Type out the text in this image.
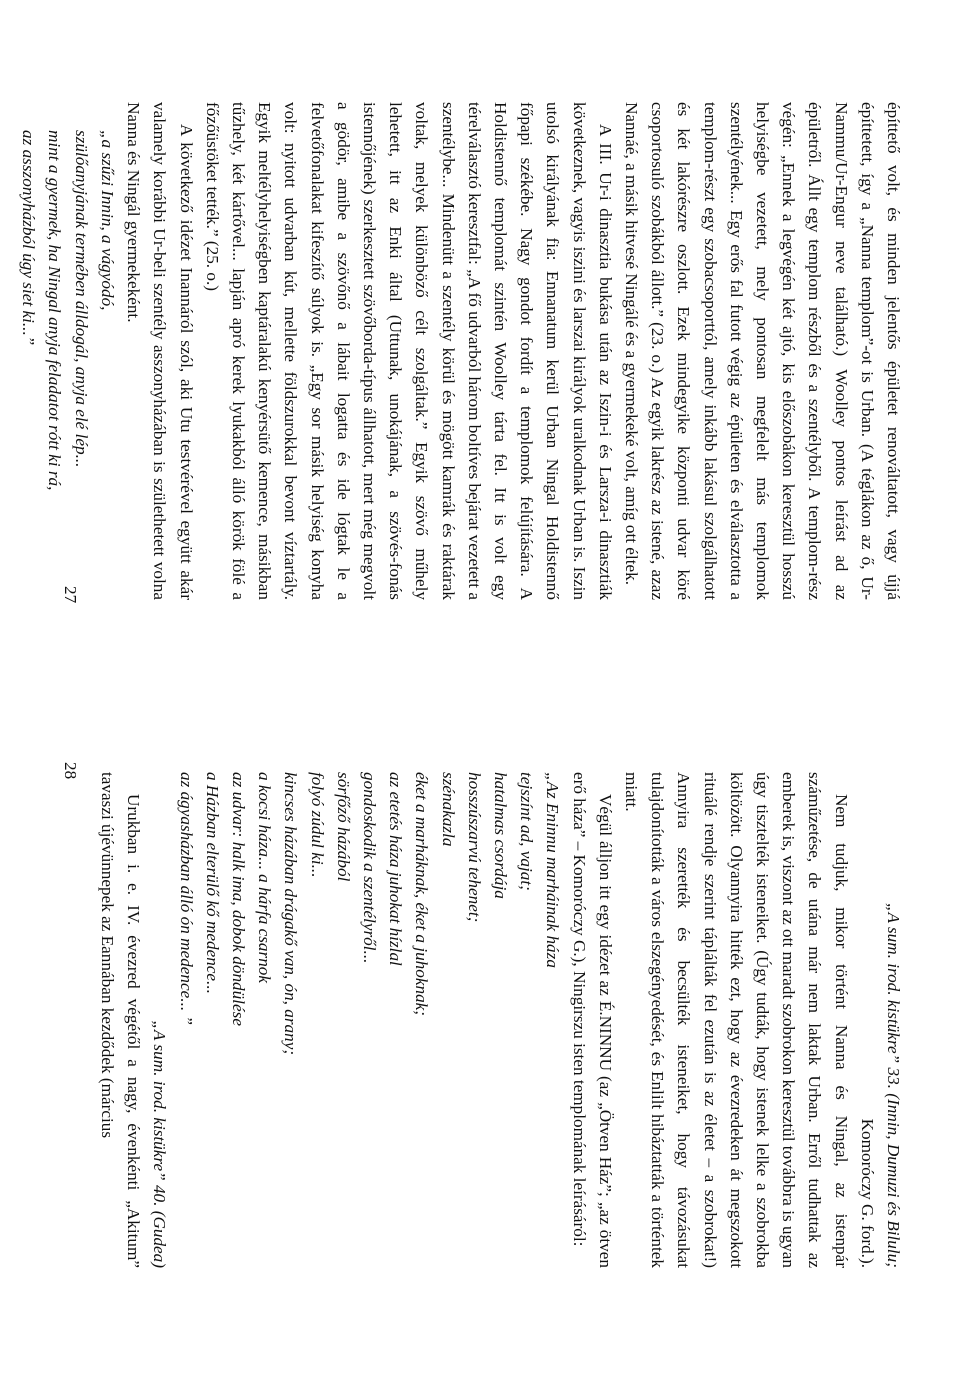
építtető volt, és minden jelentős épületet renováltatott, vagy újjá építtetett, így a „Nanna templom”-ot is Urban. (A téglákon az ő, Ur-Nammu/Ur-Engur neve található.) Woolley pontos leírást ad az épületről. Állt egy templom részből és a szentélyből. A templom-rész végén: „Ennek a legvégén két ajtó, kis előszobákon keresztül hosszú helyiségbe vezetett, mely pontosan megfelelt más templomok szentélyének... Egy erős fal futott végig az épületen és elválasztotta a templom-részt egy szobacsoporttól, amely inkább lakásul szolgálhatott és két lakórészre oszlott. Ezek mindegyike központi udvar köré csoportosuló szobákból állott.” (23. o.) Az egyik lakrész az istené, azaz Nannáé, a másik hitvesé Ningálé és a gyermekeké volt, amíg ott éltek.

A III. Ur-i dinasztia bukása után az Iszin-i és Larsza-i dinasztiák következnek, vagyis iszini és larszai királyok uralkodnak Urban is. Iszin utolsó királyának fia: Ennanatum kerül Urban Ningal Holdistennő főpapi székébe. Nagy gondot fordít a templomok felújítására. A Holdistennő templomát szintén Woolley tárta fel. Itt is volt egy térelválasztó keresztfal: „A fő udvarból három boltíves bejárat vezetett a szentélybe... Mindenütt a szentély körül és mögött kamrák és raktárak voltak, melyek különböző célt szolgáltak.” Egyik szövő műhely lehetett, itt az Enki által (Uttunak, unokájának, a szövés-fonás istennőjének) szerkesztett szövőborda-típus állhatott, mert még megvolt a gödör, amibe a szövőnő a lábait logatta és ide lógtak le a felvetőfonalakat kifeszítő súlyok is. „Egy sor másik helyiség konyha volt: nyitott udvarban kút, mellette földszurokkal bevont víztartály. Egyik meltélyhelyiségben kaptáralakú kenyérsütő kemence, másikban tűzhely, két kártővel... lapján apró kerek lyukakból álló körök fölé a főzőüstöket tették.” (25. o.)

A következő idézet Inannáról szól, aki Utu testvérével együtt akár valamely korábbi Ur-beli szentély asszonyházában is születhetett volna Nanna és Ningál gyermekeként.

„a szűzi Innin, a vágyódó,
szülőanyjának termében álldogál, anyja elé lép...
mint a gyermek, ha Ningal anyja feladatot rótt ki rá,
az asszonyházból úgy siet ki...”
27

„A sum. irod. kistükre” 33. (Innin, Dumuzi és Bilulu;

Komoróczy G. ford.).

Nem tudjuk, mikor történt Nanna és Ningal, az istenpár száműzetése, de utána már nem laktak Urban. Erről tudhattak az emberek is, viszont az ott maradt szobrokon keresztül továbbra is ugyan úgy tisztelték isteneiket. (Úgy tudták, hogy istenek lelke a szobrokba költözött. Olyannyira hitték ezt, hogy az évezredeken át megszokott rituálé rendje szerint táplálták fel ezután is az életet – a szobrokat!) Annyira szerették és becsülték isteneiket, hogy távozásukat tulajdonították a város elszegényedését, és Enlilt hibáztatták a történtek miatt.

Végül álljon itt egy idézet az É.NINNU (az „Ötven Ház”; „az ötven erő háza” – Komoróczy G.), Ningirszu isten templomának leírásáról:

„Az Eninnu marháinak háza
tejszínt ad, vajat;
hatalmas csordája
hosszúszarvú tehenet;
szénakazla
éket a marháknak, éket a juhoknak;
az etetés háza juhokat hízlal
gondoskodik a szentélyről...
sörfőző házából
folyó zúdul ki...
kincses házában drágakő van, ón, arany;
a kocsi háza... a hárfa csarnok
az udvar: halk ima, dobok döndülése
a Házban elterülő kő medence...
az ágyasházban álló ón medence... ”

„A sum. irod. kistükre” 40. (Gudea)

Urukban i. e. IV. évezred végétől a nagy, évenkénti „Akitum” tavaszi újévünnepek az Eannában kezdődek (március

28
